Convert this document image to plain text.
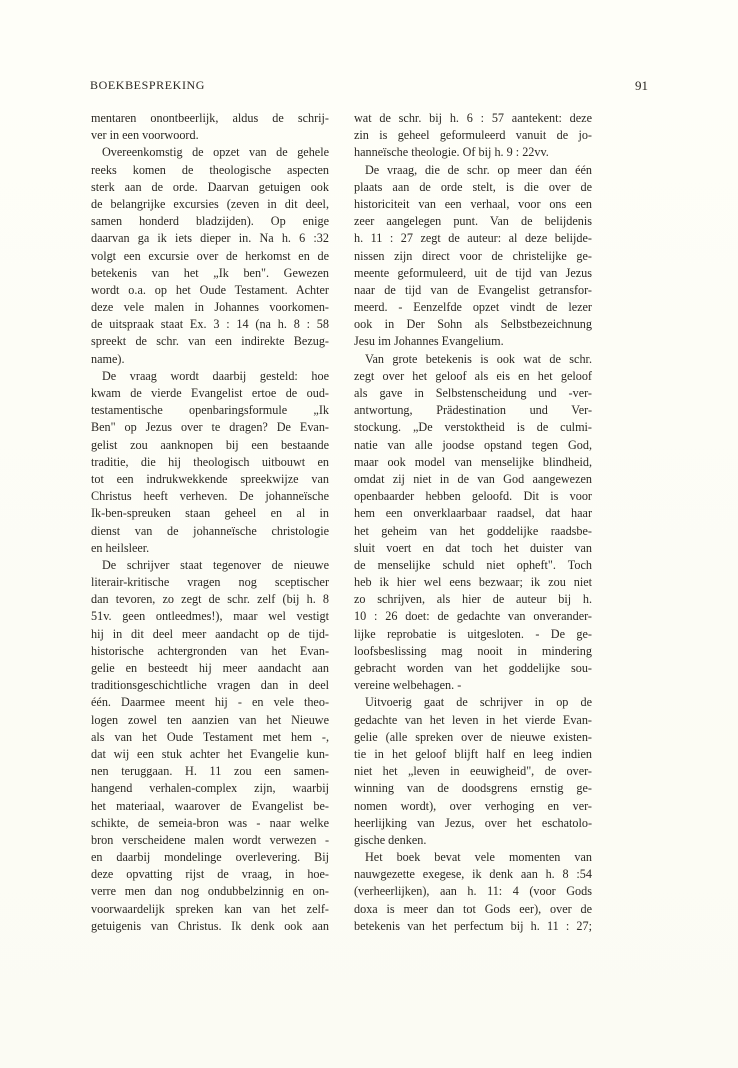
BOEKBESPREKING	91
mentaren onontbeerlijk, aldus de schrij-
ver in een voorwoord.
Overeenkomstig de opzet van de gehele
reeks komen de theologische aspecten
sterk aan de orde. Daarvan getuigen ook
de belangrijke excursies (zeven in dit deel,
samen honderd bladzijden). Op enige
daarvan ga ik iets dieper in. Na h. 6 :32
volgt een excursie over de herkomst en de
betekenis van het „Ik ben". Gewezen
wordt o.a. op het Oude Testament. Achter
deze vele malen in Johannes voorkomen-
de uitspraak staat Ex. 3 : 14 (na h. 8 : 58
spreekt de schr. van een indirekte Bezug-
name).
De vraag wordt daarbij gesteld: hoe
kwam de vierde Evangelist ertoe de oud-
testamentische openbaringsformule „Ik
Ben" op Jezus over te dragen? De Evan-
gelist zou aanknopen bij een bestaande
traditie, die hij theologisch uitbouwt en
tot een indrukwekkende spreekwijze van
Christus heeft verheven. De johanneïsche
Ik-ben-spreuken staan geheel en al in
dienst van de johanneïsche christologie
en heilsleer.
De schrijver staat tegenover de nieuwe
literair-kritische vragen nog sceptischer
dan tevoren, zo zegt de schr. zelf (bij h. 8
51v. geen ontleedmes!), maar wel vestigt
hij in dit deel meer aandacht op de tijd-
historische achtergronden van het Evan-
gelie en besteedt hij meer aandacht aan
traditionsgeschichtliche vragen dan in deel
één. Daarmee meent hij - en vele theo-
logen zowel ten aanzien van het Nieuwe
als van het Oude Testament met hem -,
dat wij een stuk achter het Evangelie kun-
nen teruggaan. H. 11 zou een samen-
hangend verhalen-complex zijn, waarbij
het materiaal, waarover de Evangelist be-
schikte, de semeia-bron was - naar welke
bron verscheidene malen wordt verwezen -
en daarbij mondelinge overlevering. Bij
deze opvatting rijst de vraag, in hoe-
verre men dan nog ondubbelzinnig en on-
voorwaardelijk spreken kan van het zelf-
getuigenis van Christus. Ik denk ook aan
wat de schr. bij h. 6 : 57 aantekent: deze
zin is geheel geformuleerd vanuit de jo-
hanneïsche theologie. Of bij h. 9 : 22vv.
De vraag, die de schr. op meer dan één
plaats aan de orde stelt, is die over de
historiciteit van een verhaal, voor ons een
zeer aangelegen punt. Van de belijdenis
h. 11 : 27 zegt de auteur: al deze belijde-
nissen zijn direct voor de christelijke ge-
meente geformuleerd, uit de tijd van Jezus
naar de tijd van de Evangelist getransfor-
meerd. - Eenzelfde opzet vindt de lezer
ook in Der Sohn als Selbstbezeichnung
Jesu im Johannes Evangelium.
Van grote betekenis is ook wat de schr.
zegt over het geloof als eis en het geloof
als gave in Selbstenscheidung und -ver-
antwortung, Prädestination und Ver-
stockung. „De verstoktheid is de culmi-
natie van alle joodse opstand tegen God,
maar ook model van menselijke blindheid,
omdat zij niet in de van God aangewezen
openbaarder hebben geloofd. Dit is voor
hem een onverklaarbaar raadsel, dat haar
het geheim van het goddelijke raadsbe-
sluit voert en dat toch het duister van
de menselijke schuld niet opheft". Toch
heb ik hier wel eens bezwaar; ik zou niet
zo schrijven, als hier de auteur bij h.
10 : 26 doet: de gedachte van onverander-
lijke reprobatie is uitgesloten. - De ge-
loofsbeslissing mag nooit in mindering
gebracht worden van het goddelijke sou-
vereine welbehagen. -
Uitvoerig gaat de schrijver in op de
gedachte van het leven in het vierde Evan-
gelie (alle spreken over de nieuwe existen-
tie in het geloof blijft half en leeg indien
niet het „leven in eeuwigheid", de over-
winning van de doodsgrens ernstig ge-
nomen wordt), over verhoging en ver-
heerlijking van Jezus, over het eschatolo-
gische denken.
Het boek bevat vele momenten van
nauwgezette exegese, ik denk aan h. 8 :54
(verheerlijken), aan h. 11: 4 (voor Gods
doxa is meer dan tot Gods eer), over de
betekenis van het perfectum bij h. 11 : 27;
